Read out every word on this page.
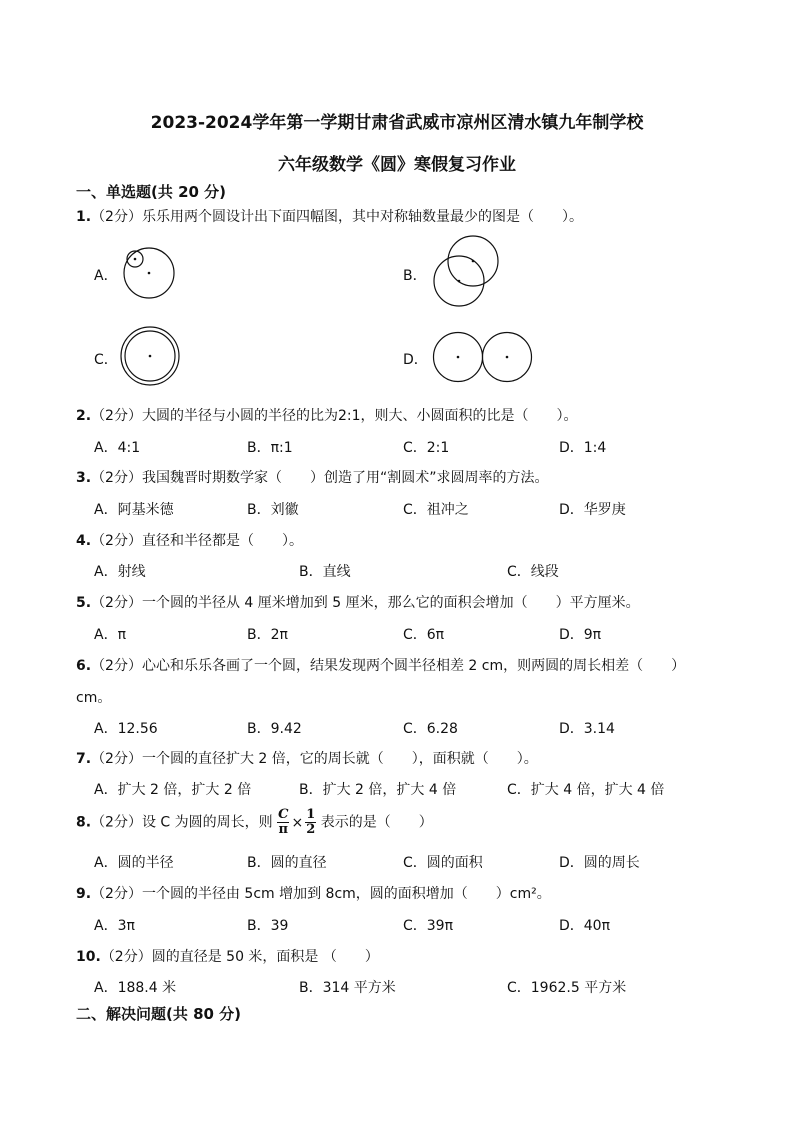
2023-2024学年第一学期甘肃省武威市凉州区清水镇九年制学校
六年级数学《圆》寒假复习作业
一、单选题(共 20 分)
1.（2分）乐乐用两个圆设计出下面四幅图，其中对称轴数量最少的图是（　　）。
A．	B．
C．	D．
2.（2分）大圆的半径与小圆的半径的比为2:1，则大、小圆面积的比是（　　）。
A．4:1	B．π:1	C．2:1	D．1:4
3.（2分）我国魏晋时期数学家（　　）创造了用“割圆术”求圆周率的方法。
A．阿基米德	B．刘徽	C．祖冲之	D．华罗庚
4.（2分）直径和半径都是（　　）。
A．射线	B．直线	C．线段
5.（2分）一个圆的半径从 4 厘米增加到 5 厘米，那么它的面积会增加（　　）平方厘米。
A．π	B．2π	C．6π	D．9π
6.（2分）心心和乐乐各画了一个圆，结果发现两个圆半径相差 2 cm，则两圆的周长相差（　　）
cm。
A．12.56	B．9.42	C．6.28	D．3.14
7.（2分）一个圆的直径扩大 2 倍，它的周长就（　　），面积就（　　）。
A．扩大 2 倍，扩大 2 倍	B．扩大 2 倍，扩大 4 倍	C．扩大 4 倍，扩大 4 倍
8.（2分）设 C 为圆的周长，则 $\frac{C}{\pi} \times \frac{1}{2}$ 表示的是（　　）
A．圆的半径	B．圆的直径	C．圆的面积	D．圆的周长
9.（2分）一个圆的半径由 5cm 增加到 8cm，圆的面积增加（　　）cm²。
A．3π	B．39	C．39π	D．40π
10.（2分）圆的直径是 50 米，面积是 （　　）
A．188.4 米	B．314 平方米	C．1962.5 平方米
二、解决问题(共 80 分)
